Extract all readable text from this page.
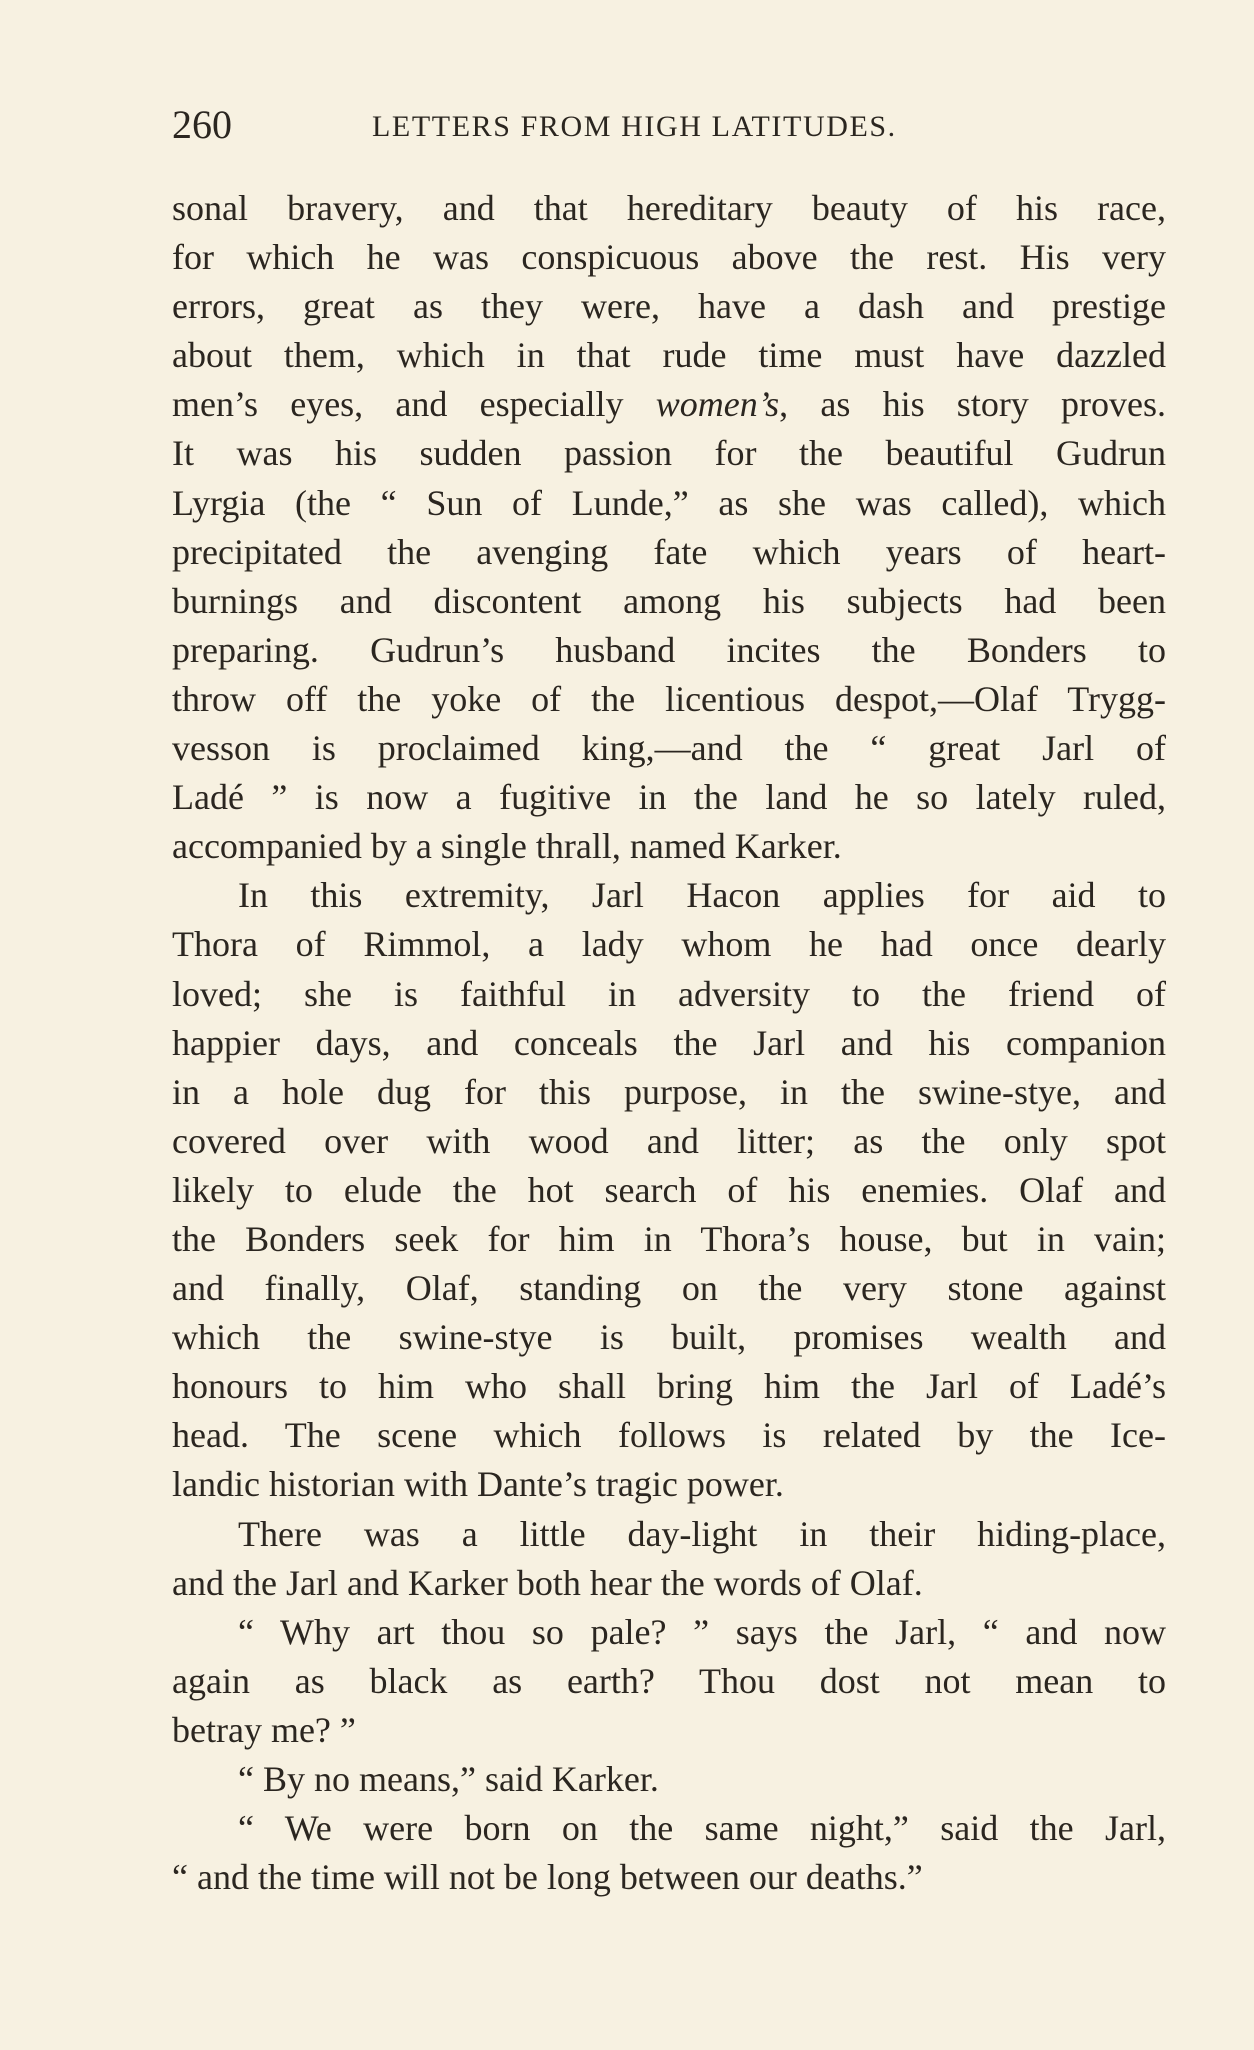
260	LETTERS FROM HIGH LATITUDES.
sonal bravery, and that hereditary beauty of his race,
for which he was conspicuous above the rest. His very
errors, great as they were, have a dash and prestige
about them, which in that rude time must have dazzled
men’s eyes, and especially women’s, as his story proves.
It was his sudden passion for the beautiful Gudrun
Lyrgia (the “ Sun of Lunde,” as she was called), which
precipitated the avenging fate which years of heart-
burnings and discontent among his subjects had been
preparing. Gudrun’s husband incites the Bonders to
throw off the yoke of the licentious despot,—Olaf Trygg-
vesson is proclaimed king,—and the “ great Jarl of
Ladé ” is now a fugitive in the land he so lately ruled,
accompanied by a single thrall, named Karker.
In this extremity, Jarl Hacon applies for aid to
Thora of Rimmol, a lady whom he had once dearly
loved; she is faithful in adversity to the friend of
happier days, and conceals the Jarl and his companion
in a hole dug for this purpose, in the swine-stye, and
covered over with wood and litter; as the only spot
likely to elude the hot search of his enemies. Olaf and
the Bonders seek for him in Thora’s house, but in vain;
and finally, Olaf, standing on the very stone against
which the swine-stye is built, promises wealth and
honours to him who shall bring him the Jarl of Ladé’s
head. The scene which follows is related by the Ice-
landic historian with Dante’s tragic power.
There was a little day-light in their hiding-place,
and the Jarl and Karker both hear the words of Olaf.
“ Why art thou so pale? ” says the Jarl, “ and now
again as black as earth? Thou dost not mean to
betray me? ”
“ By no means,” said Karker.
“ We were born on the same night,” said the Jarl,
“ and the time will not be long between our deaths.”
